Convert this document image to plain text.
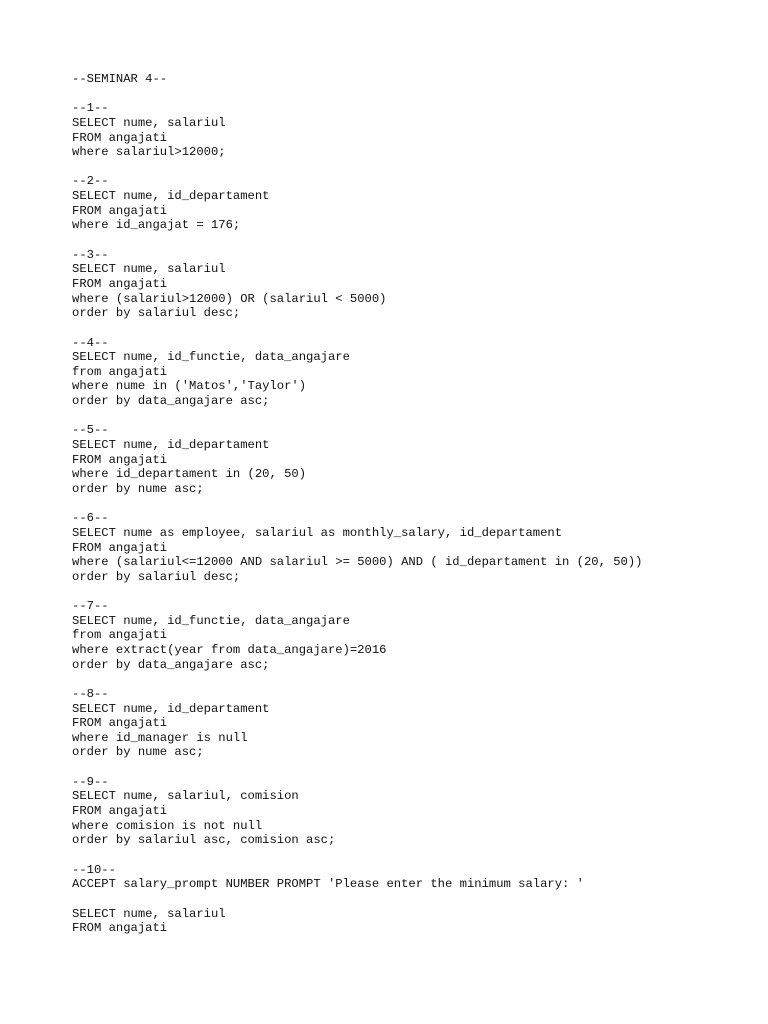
--SEMINAR 4--
--1--
SELECT nume, salariul
FROM angajati
where salariul>12000;
--2--
SELECT nume, id_departament
FROM angajati
where id_angajat = 176;
--3--
SELECT nume, salariul
FROM angajati
where (salariul>12000) OR (salariul < 5000)
order by salariul desc;
--4--
SELECT nume, id_functie, data_angajare
from angajati
where nume in ('Matos','Taylor')
order by data_angajare asc;
--5--
SELECT nume, id_departament
FROM angajati
where id_departament in (20, 50)
order by nume asc;
--6--
SELECT nume as employee, salariul as monthly_salary, id_departament
FROM angajati
where (salariul<=12000 AND salariul >= 5000) AND ( id_departament in (20, 50))
order by salariul desc;
--7--
SELECT nume, id_functie, data_angajare
from angajati
where extract(year from data_angajare)=2016
order by data_angajare asc;
--8--
SELECT nume, id_departament
FROM angajati
where id_manager is null
order by nume asc;
--9--
SELECT nume, salariul, comision
FROM angajati
where comision is not null
order by salariul asc, comision asc;
--10--
ACCEPT salary_prompt NUMBER PROMPT 'Please enter the minimum salary: '
SELECT nume, salariul
FROM angajati
